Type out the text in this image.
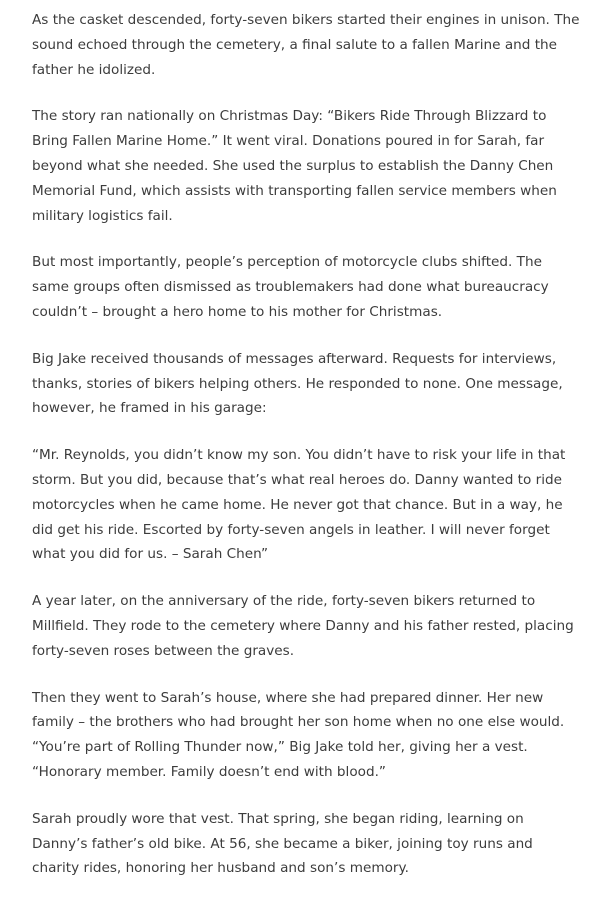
As the casket descended, forty-seven bikers started their engines in unison. The sound echoed through the cemetery, a final salute to a fallen Marine and the father he idolized.

The story ran nationally on Christmas Day: “Bikers Ride Through Blizzard to Bring Fallen Marine Home.” It went viral. Donations poured in for Sarah, far beyond what she needed. She used the surplus to establish the Danny Chen Memorial Fund, which assists with transporting fallen service members when military logistics fail.

But most importantly, people’s perception of motorcycle clubs shifted. The same groups often dismissed as troublemakers had done what bureaucracy couldn’t – brought a hero home to his mother for Christmas.

Big Jake received thousands of messages afterward. Requests for interviews, thanks, stories of bikers helping others. He responded to none. One message, however, he framed in his garage:

“Mr. Reynolds, you didn’t know my son. You didn’t have to risk your life in that storm. But you did, because that’s what real heroes do. Danny wanted to ride motorcycles when he came home. He never got that chance. But in a way, he did get his ride. Escorted by forty-seven angels in leather. I will never forget what you did for us. – Sarah Chen”

A year later, on the anniversary of the ride, forty-seven bikers returned to Millfield. They rode to the cemetery where Danny and his father rested, placing forty-seven roses between the graves.

Then they went to Sarah’s house, where she had prepared dinner. Her new family – the brothers who had brought her son home when no one else would. “You’re part of Rolling Thunder now,” Big Jake told her, giving her a vest. “Honorary member. Family doesn’t end with blood.”

Sarah proudly wore that vest. That spring, she began riding, learning on Danny’s father’s old bike. At 56, she became a biker, joining toy runs and charity rides, honoring her husband and son’s memory.
